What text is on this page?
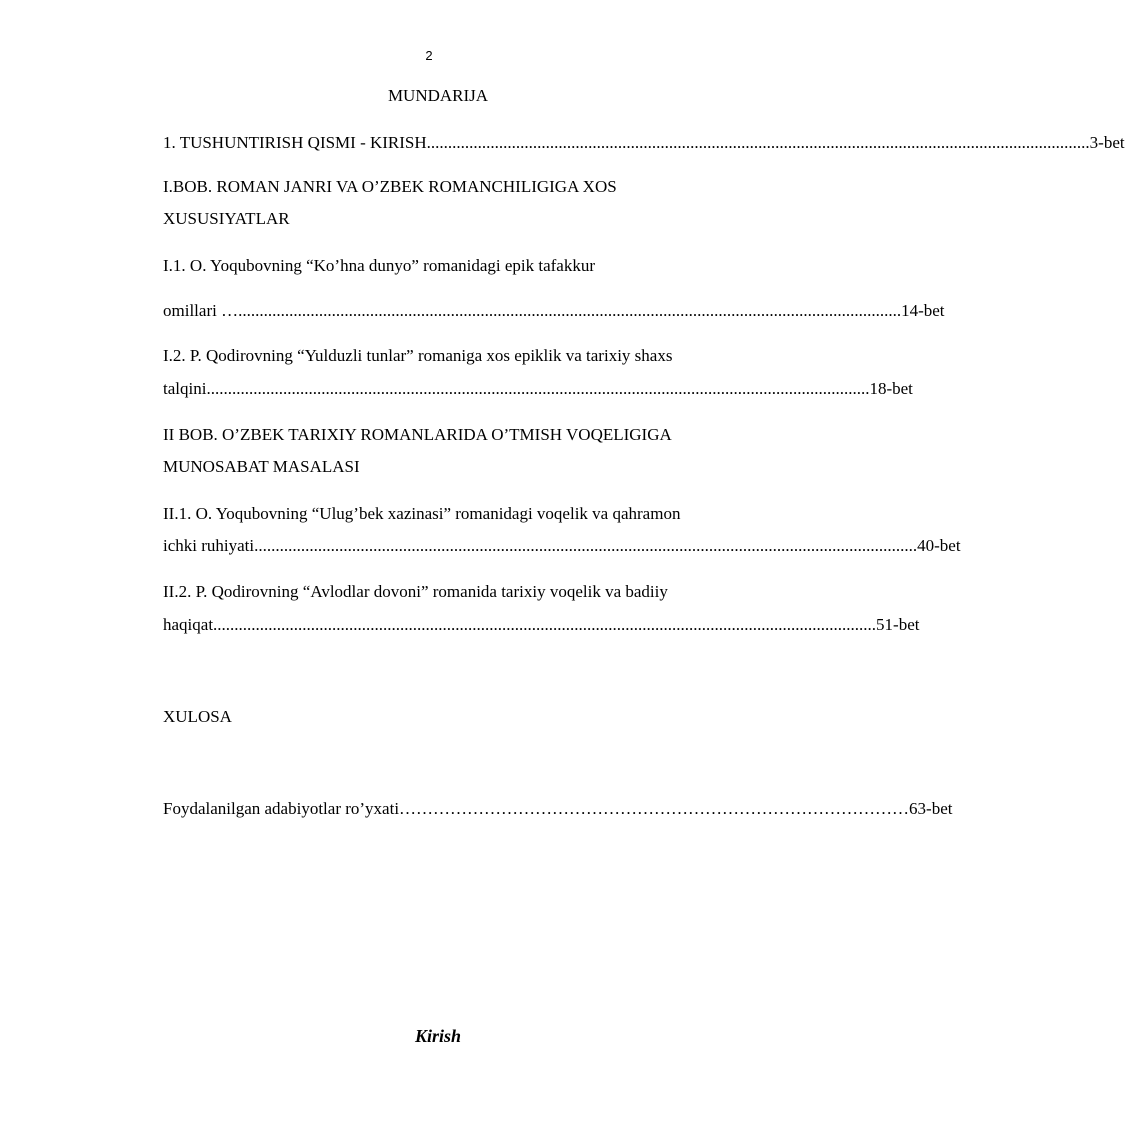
2
MUNDARIJA
1. TUSHUNTIRISH QISMI - KIRISH ............................................................................................................................................................ 3-bet
I.BOB. ROMAN JANRI VA O’ZBEK ROMANCHILIGIGA XOS
XUSUSIYATLAR
I.1. O. Yoqubovning “Ko’hna dunyo” romanidagi epik tafakkur
omillari … ............................................................................................................................................................ 14-bet
I.2. P. Qodirovning “Yulduzli tunlar” romaniga xos epiklik va tarixiy shaxs
talqini ............................................................................................................................................................ 18-bet
II BOB. O’ZBEK TARIXIY ROMANLARIDA O’TMISH VOQELIGIGA
MUNOSABAT MASALASI
II.1. O. Yoqubovning “Ulug’bek xazinasi” romanidagi voqelik va qahramon
ichki ruhiyati ............................................................................................................................................................ 40-bet
II.2. P. Qodirovning “Avlodlar dovoni” romanida tarixiy voqelik va badiiy
haqiqat ............................................................................................................................................................ 51-bet
XULOSA
Foydalanilgan adabiyotlar ro’yxati ……………………………………………………………………………… 63-bet
Kirish
